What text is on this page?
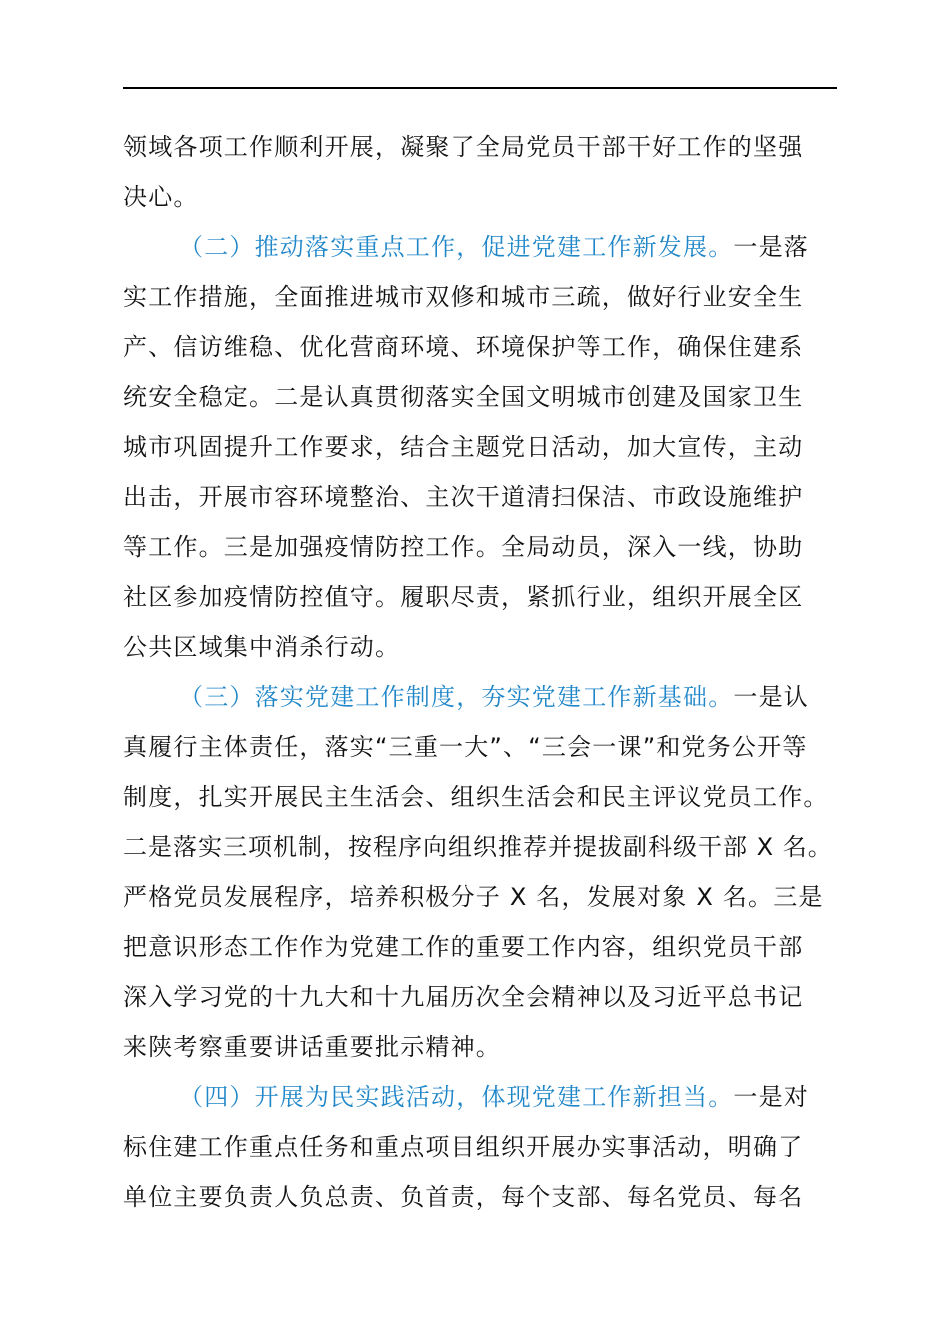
领域各项工作顺利开展，凝聚了全局党员干部干好工作的坚强
决心。
（二）推动落实重点工作，促进党建工作新发展。一是落
实工作措施，全面推进城市双修和城市三疏，做好行业安全生
产、信访维稳、优化营商环境、环境保护等工作，确保住建系
统安全稳定。二是认真贯彻落实全国文明城市创建及国家卫生
城市巩固提升工作要求，结合主题党日活动，加大宣传，主动
出击，开展市容环境整治、主次干道清扫保洁、市政设施维护
等工作。三是加强疫情防控工作。全局动员，深入一线，协助
社区参加疫情防控值守。履职尽责，紧抓行业，组织开展全区
公共区域集中消杀行动。
（三）落实党建工作制度，夯实党建工作新基础。一是认
真履行主体责任，落实“三重一大”、“三会一课”和党务公开等
制度，扎实开展民主生活会、组织生活会和民主评议党员工作。
二是落实三项机制，按程序向组织推荐并提拔副科级干部 X 名。
严格党员发展程序，培养积极分子 X 名，发展对象 X 名。三是
把意识形态工作作为党建工作的重要工作内容，组织党员干部
深入学习党的十九大和十九届历次全会精神以及习近平总书记
来陕考察重要讲话重要批示精神。
（四）开展为民实践活动，体现党建工作新担当。一是对
标住建工作重点任务和重点项目组织开展办实事活动，明确了
单位主要负责人负总责、负首责，每个支部、每名党员、每名
